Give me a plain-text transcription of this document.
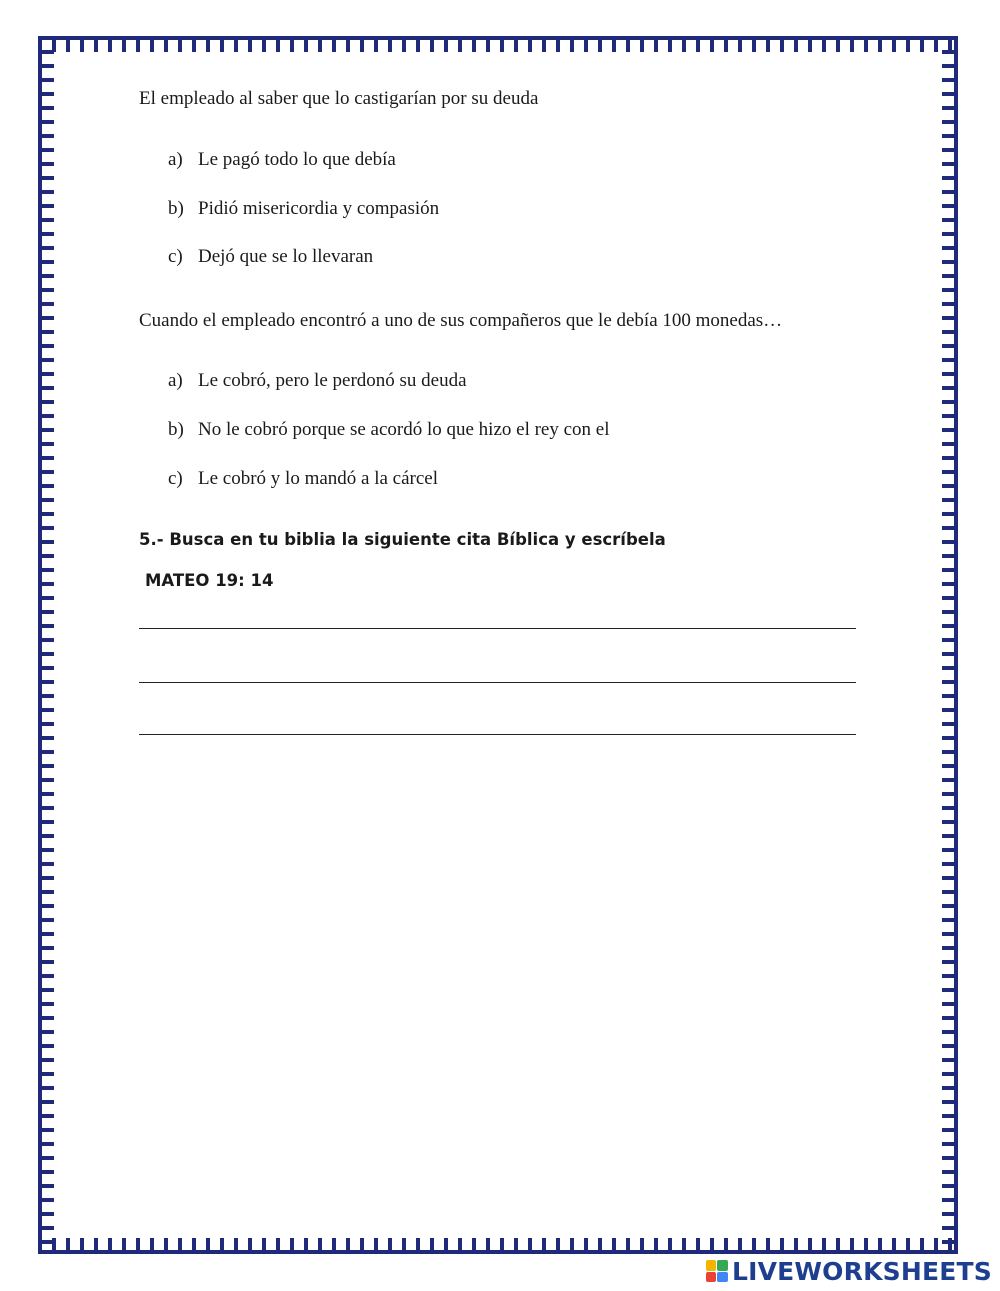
El empleado al saber que lo castigarían por su deuda
a) Le pagó todo lo que debía
b) Pidió misericordia y compasión
c) Dejó que se lo llevaran
Cuando el empleado encontró a uno de sus compañeros que le debía 100 monedas…
a) Le cobró, pero le perdonó su deuda
b) No le cobró porque se acordó lo que hizo el rey con el
c) Le cobró y lo mandó a la cárcel
5.- Busca en tu biblia la siguiente cita Bíblica y escríbela
MATEO 19: 14
LIVEWORKSHEETS
